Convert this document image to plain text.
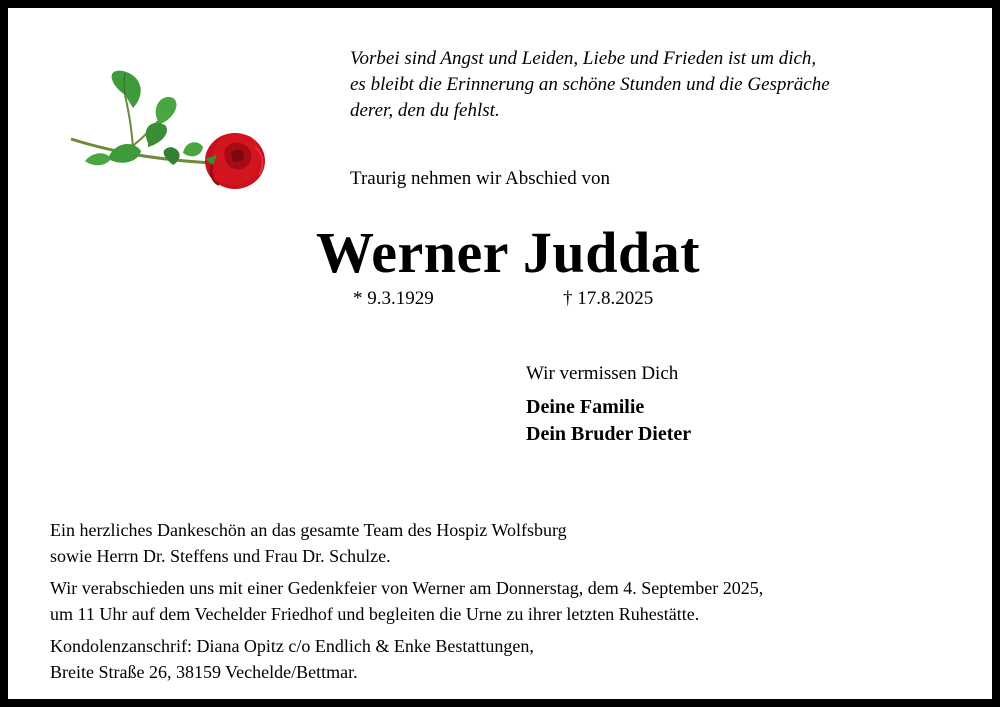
Vorbei sind Angst und Leiden, Liebe und Frieden ist um dich,
es bleibt die Erinnerung an schöne Stunden und die Gespräche
derer, den du fehlst.

Traurig nehmen wir Abschied von

Werner Juddat

* 9.3.1929	† 17.8.2025

Wir vermissen Dich

Deine Familie
Dein Bruder Dieter

Ein herzliches Dankeschön an das gesamte Team des Hospiz Wolfsburg
sowie Herrn Dr. Steffens und Frau Dr. Schulze.

Wir verabschieden uns mit einer Gedenkfeier von Werner am Donnerstag, dem 4. September 2025,
um 11 Uhr auf dem Vechelder Friedhof und begleiten die Urne zu ihrer letzten Ruhestätte.

Kondolenzanschrif: Diana Opitz c/o Endlich & Enke Bestattungen,
Breite Straße 26, 38159 Vechelde/Bettmar.
